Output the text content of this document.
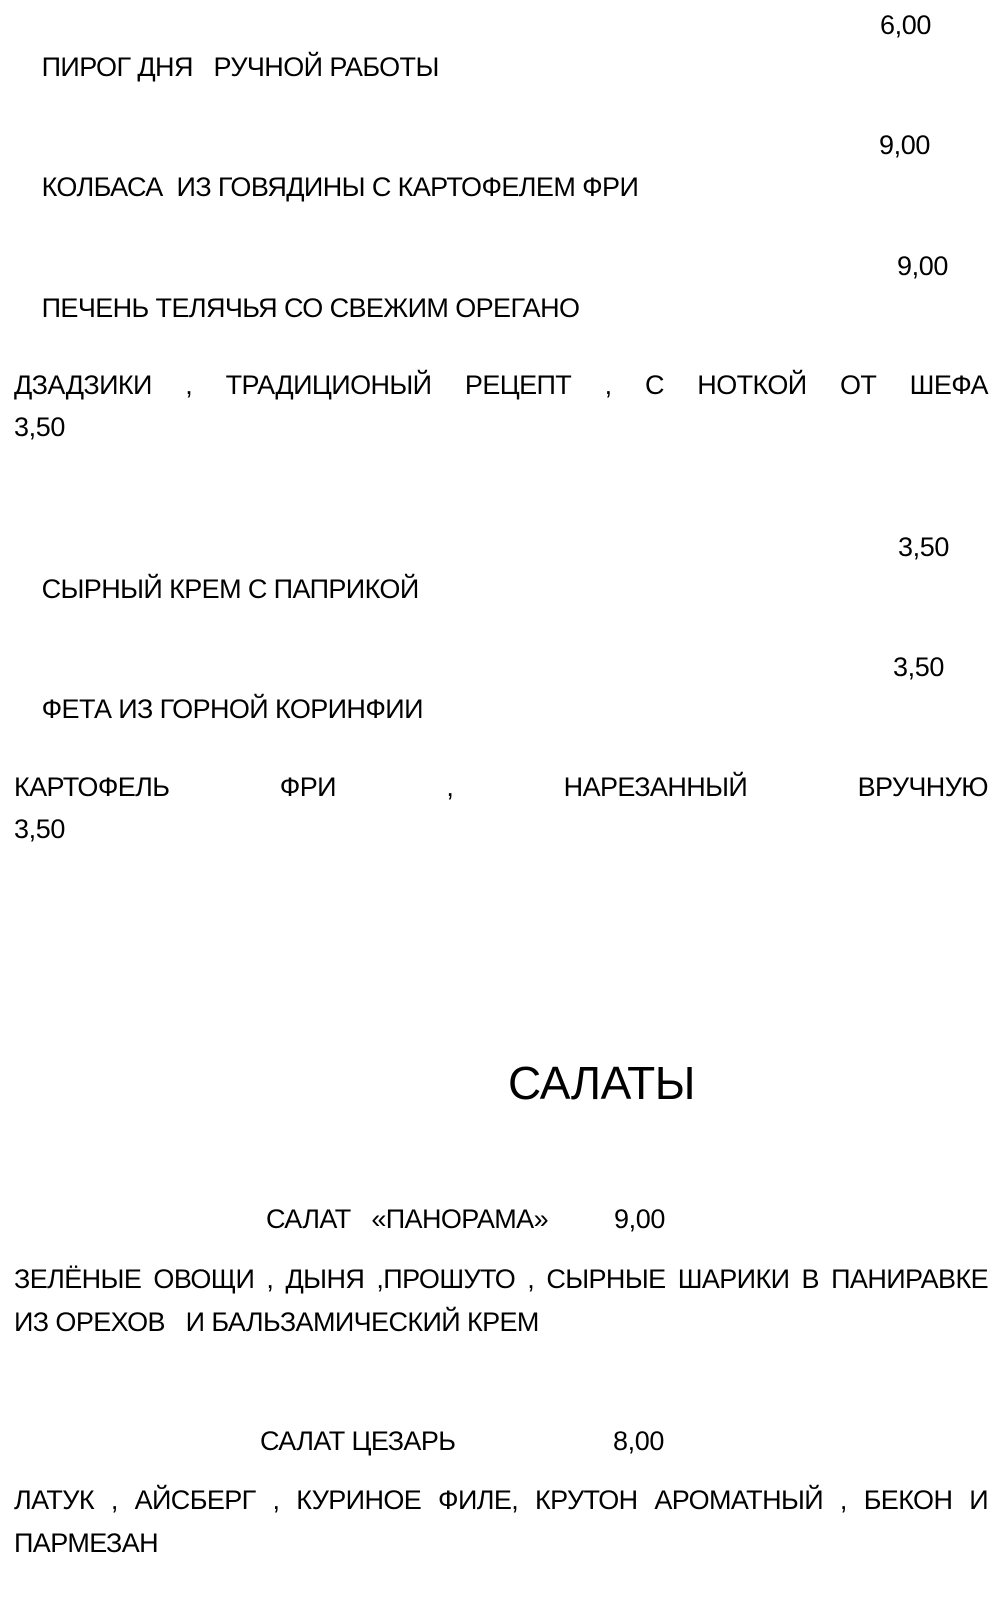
ПИРОГ ДНЯ   РУЧНОЙ РАБОТЫ

6,00

КОЛБАСА  ИЗ ГОВЯДИНЫ С КАРТОФЕЛЕМ ФРИ

9,00

ПЕЧЕНЬ ТЕЛЯЧЬЯ СО СВЕЖИМ ОРЕГАНО

9,00
ДЗАДЗИКИ , ТРАДИЦИОНЫЙ РЕЦЕПТ , С НОТКОЙ ОТ ШЕФА
3,50

СЫРНЫЙ КРЕМ С ПАПРИКОЙ

3,50

ФЕТА ИЗ ГОРНОЙ КОРИНФИИ

3,50
КАРТОФЕЛЬ	ФРИ	,	НАРЕЗАННЫЙ	ВРУЧНУЮ
3,50
САЛАТЫ
САЛАТ   «ПАНОРАМА» 9,00
ЗЕЛЁНЫЕ ОВОЩИ , ДЫНЯ ,ПРОШУТО , СЫРНЫЕ ШАРИКИ В ПАНИРАВКЕ
ИЗ ОРЕХОВ   И БАЛЬЗАМИЧЕСКИЙ КРЕМ
САЛАТ ЦЕЗАРЬ	8,00
ЛАТУК , АЙСБЕРГ , КУРИНОЕ ФИЛЕ, КРУТОН АРОМАТНЫЙ , БЕКОН И
ПАРМЕЗАН
